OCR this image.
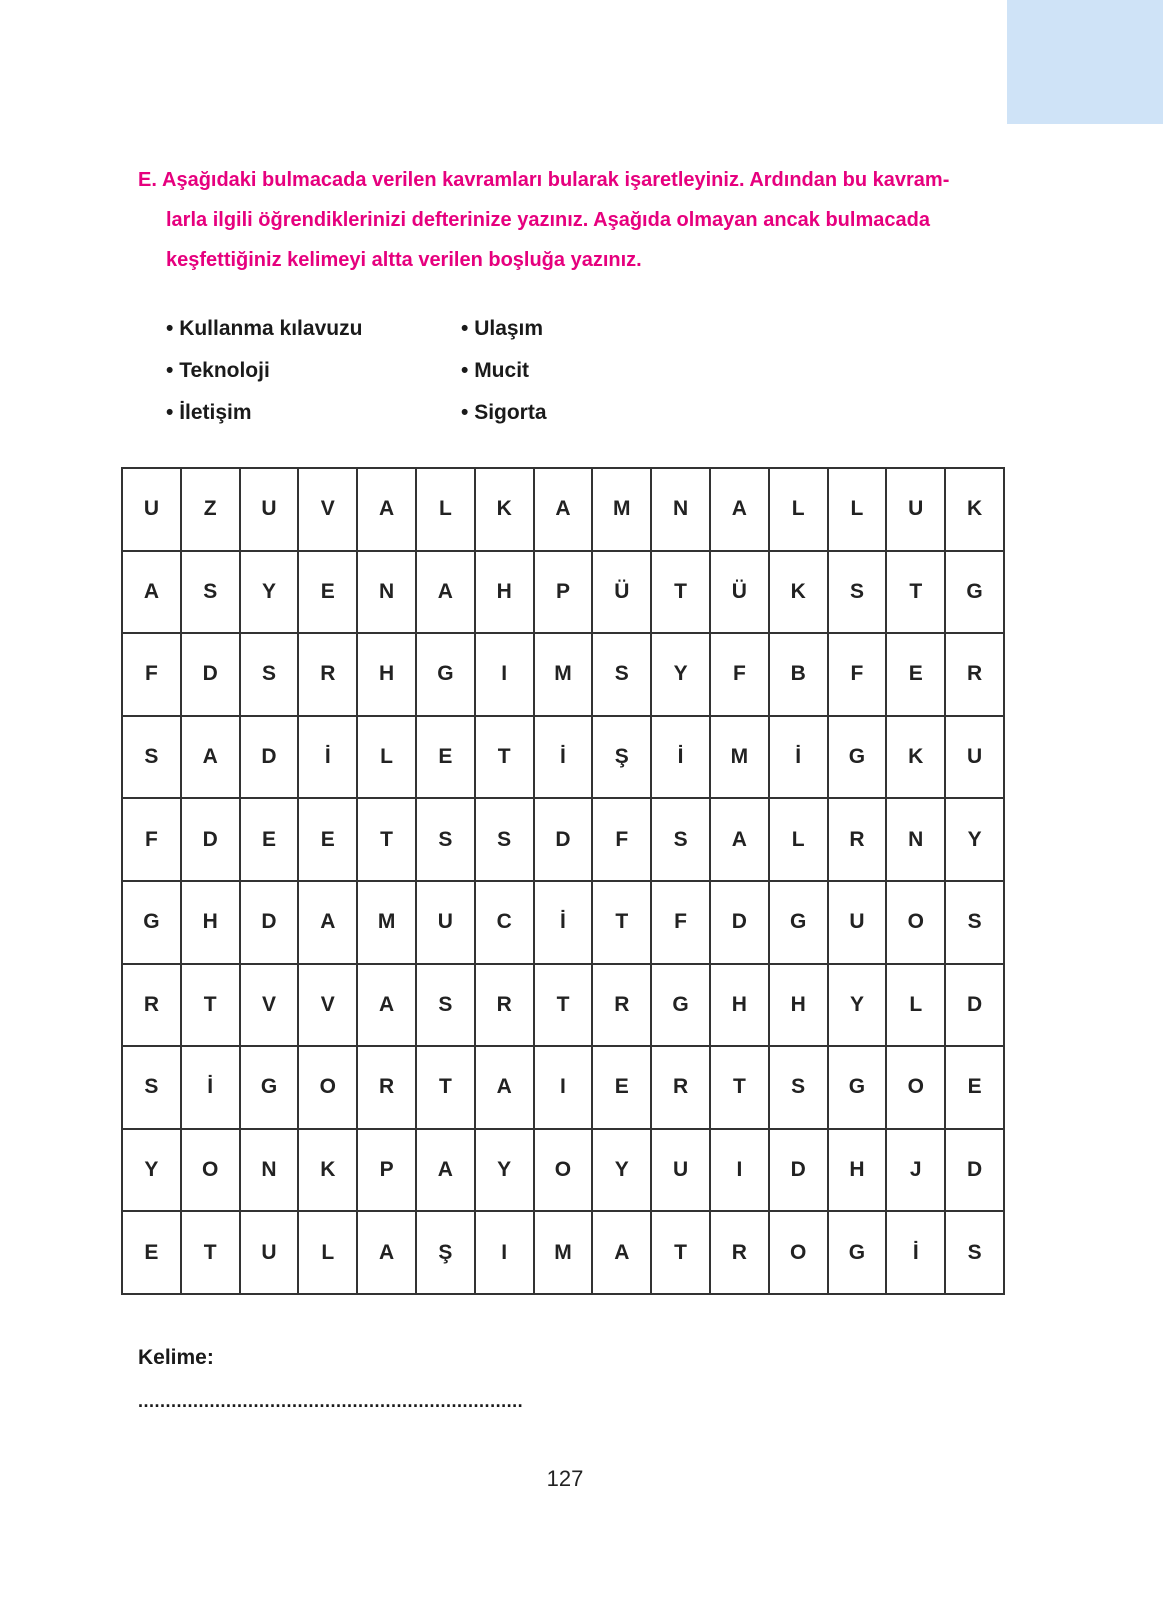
E. Aşağıdaki bulmacada verilen kavramları bularak işaretleyiniz. Ardından bu kavram-

larla ilgili öğrendiklerinizi defterinize yazınız. Aşağıda olmayan ancak bulmacada

keşfettiğiniz kelimeyi altta verilen boşluğa yazınız.

• Kullanma kılavuzu	• Ulaşım
• Teknoloji	• Mucit
• İletişim	• Sigorta
U	Z	U	V	A	L	K	A	M	N	A	L	L	U	K
A	S	Y	E	N	A	H	P	Ü	T	Ü	K	S	T	G
F	D	S	R	H	G	I	M	S	Y	F	B	F	E	R
S	A	D	İ	L	E	T	İ	Ş	İ	M	İ	G	K	U
F	D	E	E	T	S	S	D	F	S	A	L	R	N	Y
G	H	D	A	M	U	C	İ	T	F	D	G	U	O	S
R	T	V	V	A	S	R	T	R	G	H	H	Y	L	D
S	İ	G	O	R	T	A	I	E	R	T	S	G	O	E
Y	O	N	K	P	A	Y	O	Y	U	I	D	H	J	D
E	T	U	L	A	Ş	I	M	A	T	R	O	G	İ	S
Kelime:
......................................................................
127
